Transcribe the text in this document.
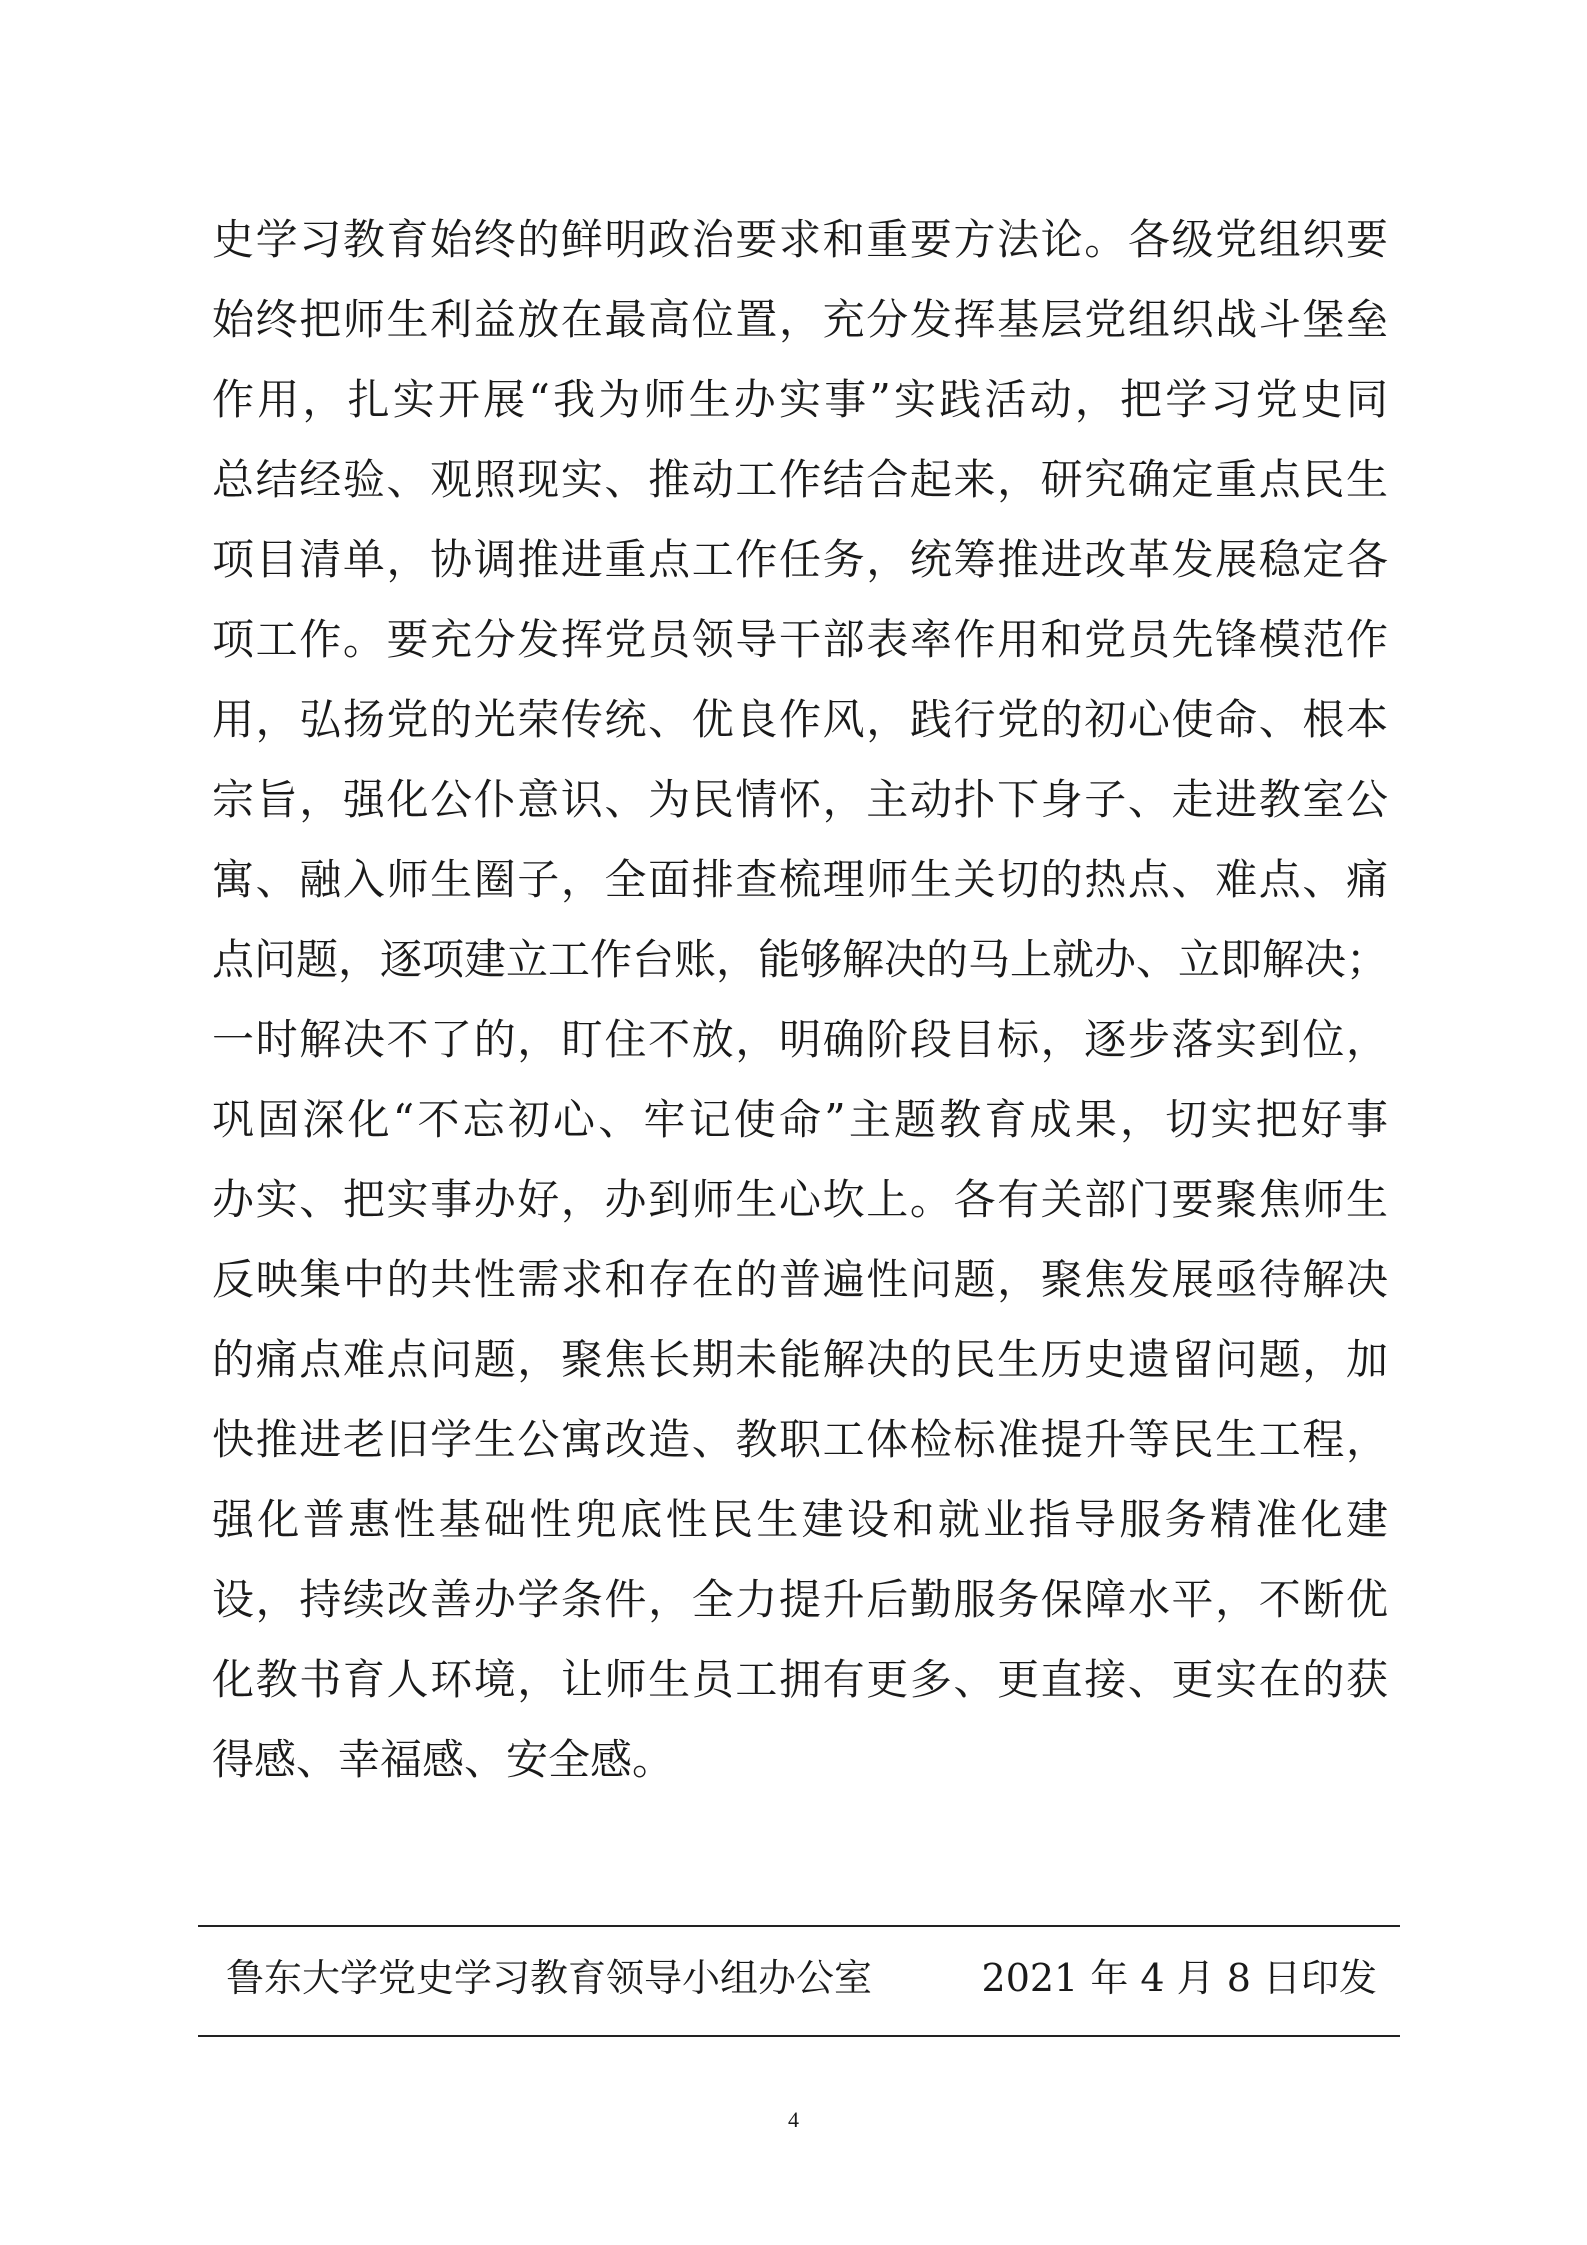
史学习教育始终的鲜明政治要求和重要方法论。各级党组织要
始终把师生利益放在最高位置，充分发挥基层党组织战斗堡垒
作用，扎实开展“我为师生办实事”实践活动，把学习党史同
总结经验、观照现实、推动工作结合起来，研究确定重点民生
项目清单，协调推进重点工作任务，统筹推进改革发展稳定各
项工作。要充分发挥党员领导干部表率作用和党员先锋模范作
用，弘扬党的光荣传统、优良作风，践行党的初心使命、根本
宗旨，强化公仆意识、为民情怀，主动扑下身子、走进教室公
寓、融入师生圈子，全面排查梳理师生关切的热点、难点、痛
点问题，逐项建立工作台账，能够解决的马上就办、立即解决；
一时解决不了的，盯住不放，明确阶段目标，逐步落实到位，
巩固深化“不忘初心、牢记使命”主题教育成果，切实把好事
办实、把实事办好，办到师生心坎上。各有关部门要聚焦师生
反映集中的共性需求和存在的普遍性问题，聚焦发展亟待解决
的痛点难点问题，聚焦长期未能解决的民生历史遗留问题，加
快推进老旧学生公寓改造、教职工体检标准提升等民生工程，
强化普惠性基础性兜底性民生建设和就业指导服务精准化建
设，持续改善办学条件，全力提升后勤服务保障水平，不断优
化教书育人环境，让师生员工拥有更多、更直接、更实在的获
得感、幸福感、安全感。
鲁东大学党史学习教育领导小组办公室	2021 年 4 月 8 日印发
4
